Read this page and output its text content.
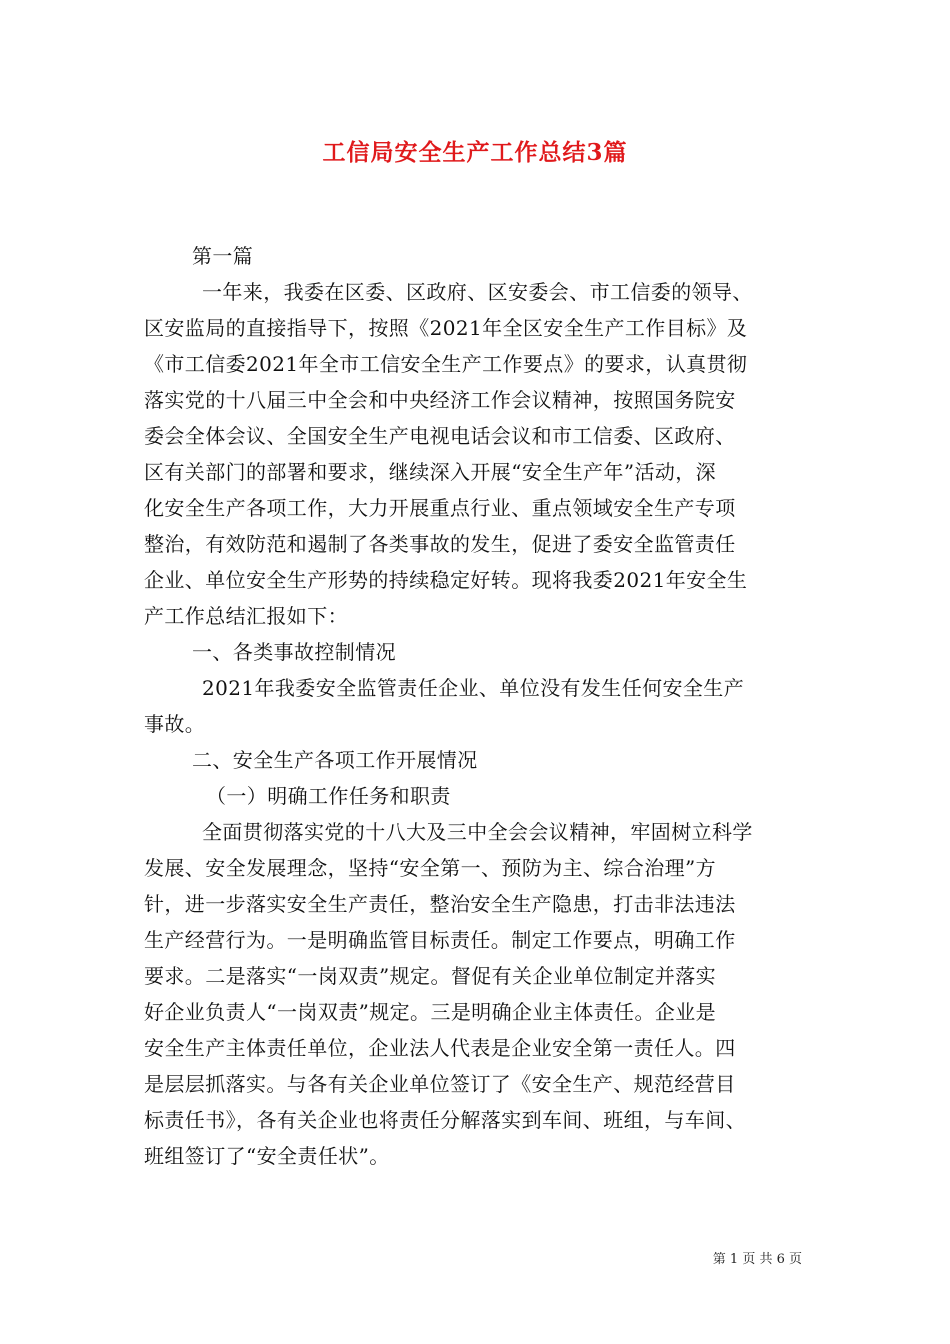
工信局安全生产工作总结3篇
第一篇
一年来，我委在区委、区政府、区安委会、市工信委的领导、
区安监局的直接指导下，按照《2021年全区安全生产工作目标》及
《市工信委2021年全市工信安全生产工作要点》的要求，认真贯彻
落实党的十八届三中全会和中央经济工作会议精神，按照国务院安
委会全体会议、全国安全生产电视电话会议和市工信委、区政府、
区有关部门的部署和要求，继续深入开展“安全生产年”活动，深
化安全生产各项工作，大力开展重点行业、重点领域安全生产专项
整治，有效防范和遏制了各类事故的发生，促进了委安全监管责任
企业、单位安全生产形势的持续稳定好转。现将我委2021年安全生
产工作总结汇报如下：
一、各类事故控制情况
2021年我委安全监管责任企业、单位没有发生任何安全生产
事故。
二、安全生产各项工作开展情况
（一）明确工作任务和职责
全面贯彻落实党的十八大及三中全会会议精神，牢固树立科学
发展、安全发展理念，坚持“安全第一、预防为主、综合治理”方
针，进一步落实安全生产责任，整治安全生产隐患，打击非法违法
生产经营行为。一是明确监管目标责任。制定工作要点，明确工作
要求。二是落实“一岗双责”规定。督促有关企业单位制定并落实
好企业负责人“一岗双责”规定。三是明确企业主体责任。企业是
安全生产主体责任单位，企业法人代表是企业安全第一责任人。四
是层层抓落实。与各有关企业单位签订了《安全生产、规范经营目
标责任书》，各有关企业也将责任分解落实到车间、班组，与车间、
班组签订了“安全责任状”。
第 1 页 共 6 页
